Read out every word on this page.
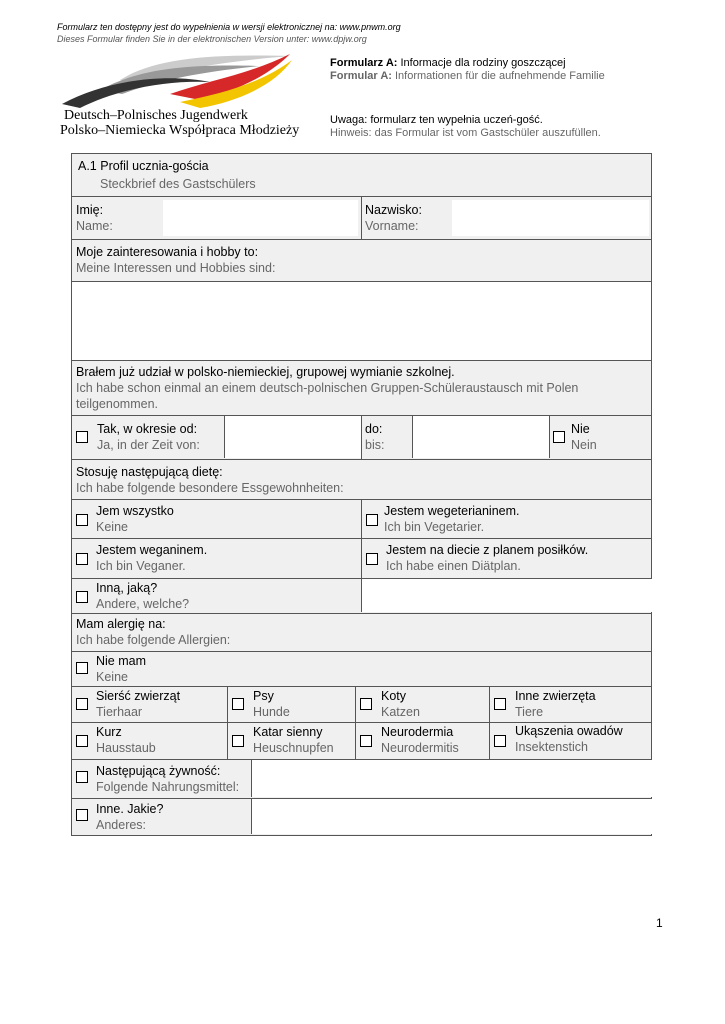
Formularz ten dostępny jest do wypełnienia w wersji elektronicznej na: www.pnwm.org
Dieses Formular finden Sie in der elektronischen Version unter: www.dpjw.org
Deutsch–Polnisches Jugendwerk
Polsko–Niemiecka Współpraca Młodzieży
Formularz A: Informacje dla rodziny goszczącej
Formular A: Informationen für die aufnehmende Familie
Uwaga: formularz ten wypełnia uczeń-gość.
Hinweis: das Formular ist vom Gastschüler auszufüllen.
A.1 Profil ucznia-gościa
Steckbrief des Gastschülers
Imię:
Name:
Nazwisko:
Vorname:
Moje zainteresowania i hobby to:
Meine Interessen und Hobbies sind:
Brałem już udział w polsko-niemieckiej, grupowej wymianie szkolnej.
Ich habe schon einmal an einem deutsch-polnischen Gruppen-Schüleraustausch mit Polen teilgenommen.
Tak, w okresie od:
Ja, in der Zeit von:
do:
bis:
Nie
Nein
Stosuję następującą dietę:
Ich habe folgende besondere Essgewohnheiten:
Jem wszystko
Keine
Jestem wegeterianinem.
Ich bin Vegetarier.
Jestem weganinem.
Ich bin Veganer.
Jestem na diecie z planem posiłków.
Ich habe einen Diätplan.
Inną, jaką?
Andere, welche?
Mam alergię na:
Ich habe folgende Allergien:
Nie mam
Keine
Sierść zwierząt
Tierhaar
Psy
Hunde
Koty
Katzen
Inne zwierzęta
Tiere
Kurz
Hausstaub
Katar sienny
Heuschnupfen
Neurodermia
Neurodermitis
Ukąszenia owadów
Insektenstich
Następującą żywność:
Folgende Nahrungsmittel:
Inne. Jakie?
Anderes:
1
